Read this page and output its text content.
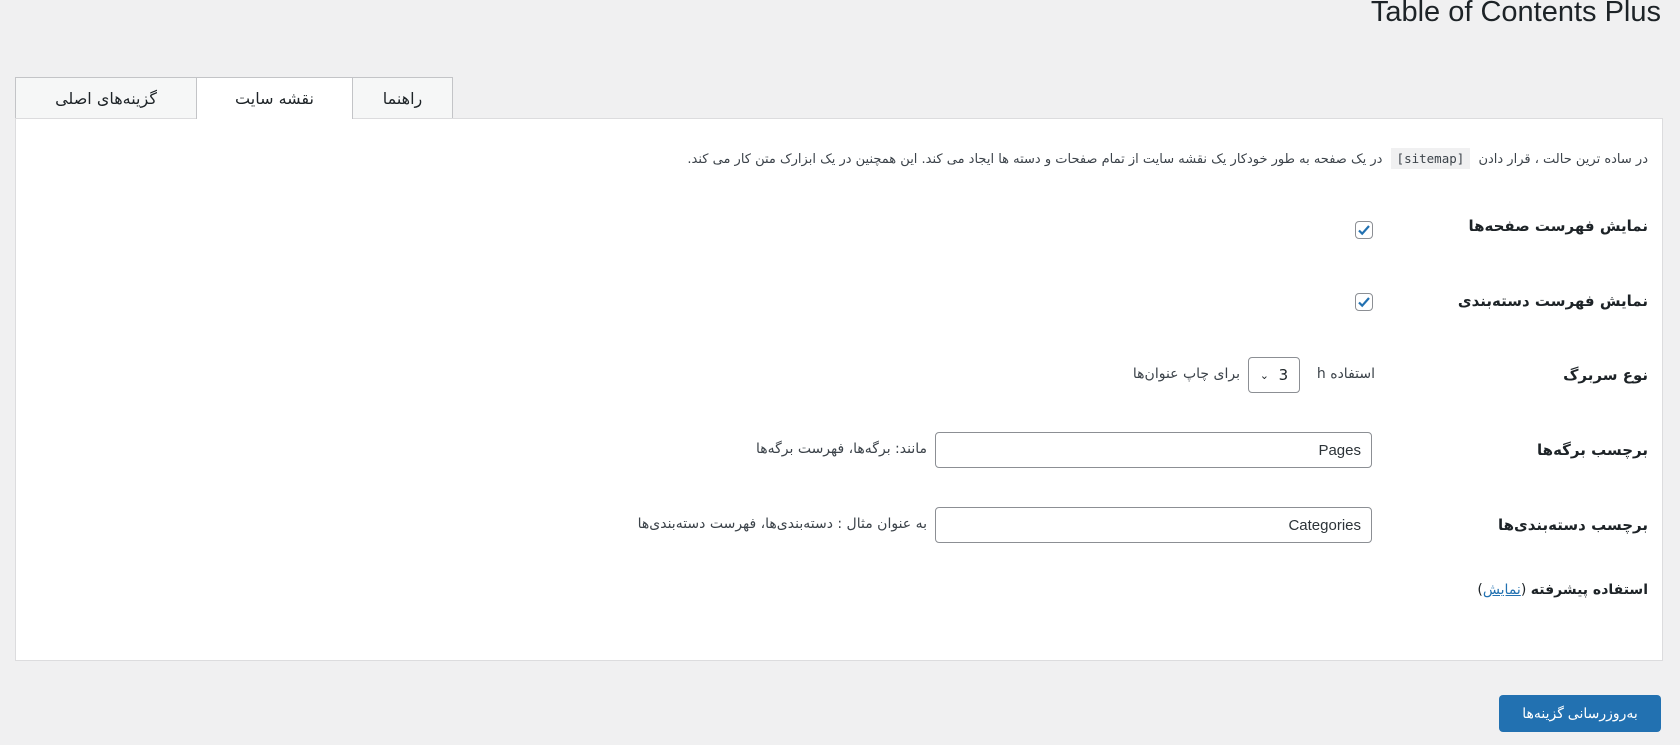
Table of Contents Plus
گزینه‌های اصلی	نقشه سایت	راهنما
در ساده ترین حالت ، قرار دادن [sitemap] در یک صفحه به طور خودکار یک نقشه سایت از تمام صفحات و دسته ها ایجاد می کند. این همچنین در یک ابزارک متن کار می کند.
نمایش فهرست صفحه‌ها
نمایش فهرست دسته‌بندی
نوع سربرگ
استفاده h
⌄ 3
برای چاپ عنوان‌ها
برچسب برگه‌ها
Pages
مانند: برگه‌ها، فهرست برگه‌ها
برچسب دسته‌بندی‌ها
Categories
به عنوان مثال : دسته‌بندی‌ها، فهرست دسته‌بندی‌ها
استفاده پیشرفته (نمایش)
به‌روزرسانی گزینه‌ها
